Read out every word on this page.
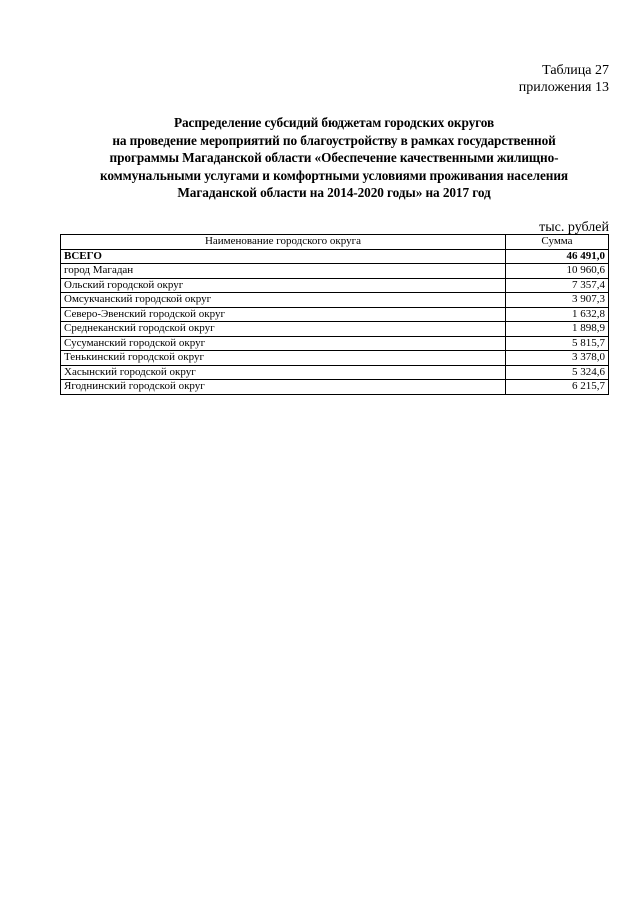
Таблица 27
приложения 13
Распределение субсидий бюджетам городских округов
на проведение мероприятий по благоустройству в рамках государственной
программы Магаданской области «Обеспечение качественными жилищно-
коммунальными услугами и комфортными условиями проживания населения
Магаданской области на 2014-2020 годы» на 2017 год
тыс. рублей
Наименование городского округа	Сумма
ВСЕГО	46 491,0
город Магадан	10 960,6
Ольский городской округ	7 357,4
Омсукчанский городской округ	3 907,3
Северо-Эвенский городской округ	1 632,8
Среднеканский городской округ	1 898,9
Сусуманский городской округ	5 815,7
Тенькинский городской округ	3 378,0
Хасынский городской округ	5 324,6
Ягоднинский городской округ	6 215,7
